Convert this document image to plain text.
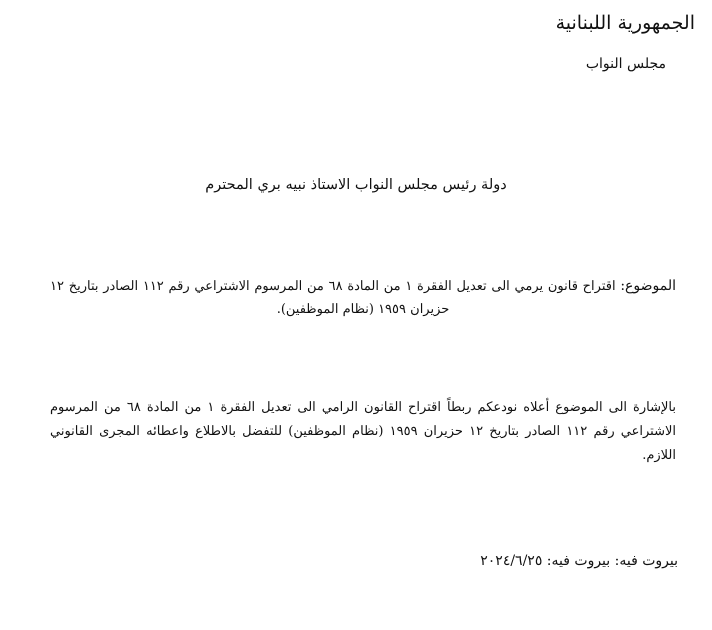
الجمهورية اللبنانية
مجلس النواب
دولة رئيس مجلس النواب الاستاذ نبيه بري المحترم
الموضوع: اقتراح قانون يرمي الى تعديل الفقرة ١ من المادة ٦٨ من المرسوم الاشتراعي رقم ١١٢ الصادر بتاريخ ١٢ حزيران ١٩٥٩ (نظام الموظفين).
بالإشارة الى الموضوع أعلاه نودعكم ربطاً اقتراح القانون الرامي الى تعديل الفقرة ١ من المادة ٦٨ من المرسوم الاشتراعي رقم ١١٢ الصادر بتاريخ ١٢ حزيران ١٩٥٩ (نظام الموظفين) للتفضل بالاطلاع واعطائه المجرى القانوني اللازم.
بيروت فيه: بيروت فيه: ٢٠٢٤/٦/٢٥
